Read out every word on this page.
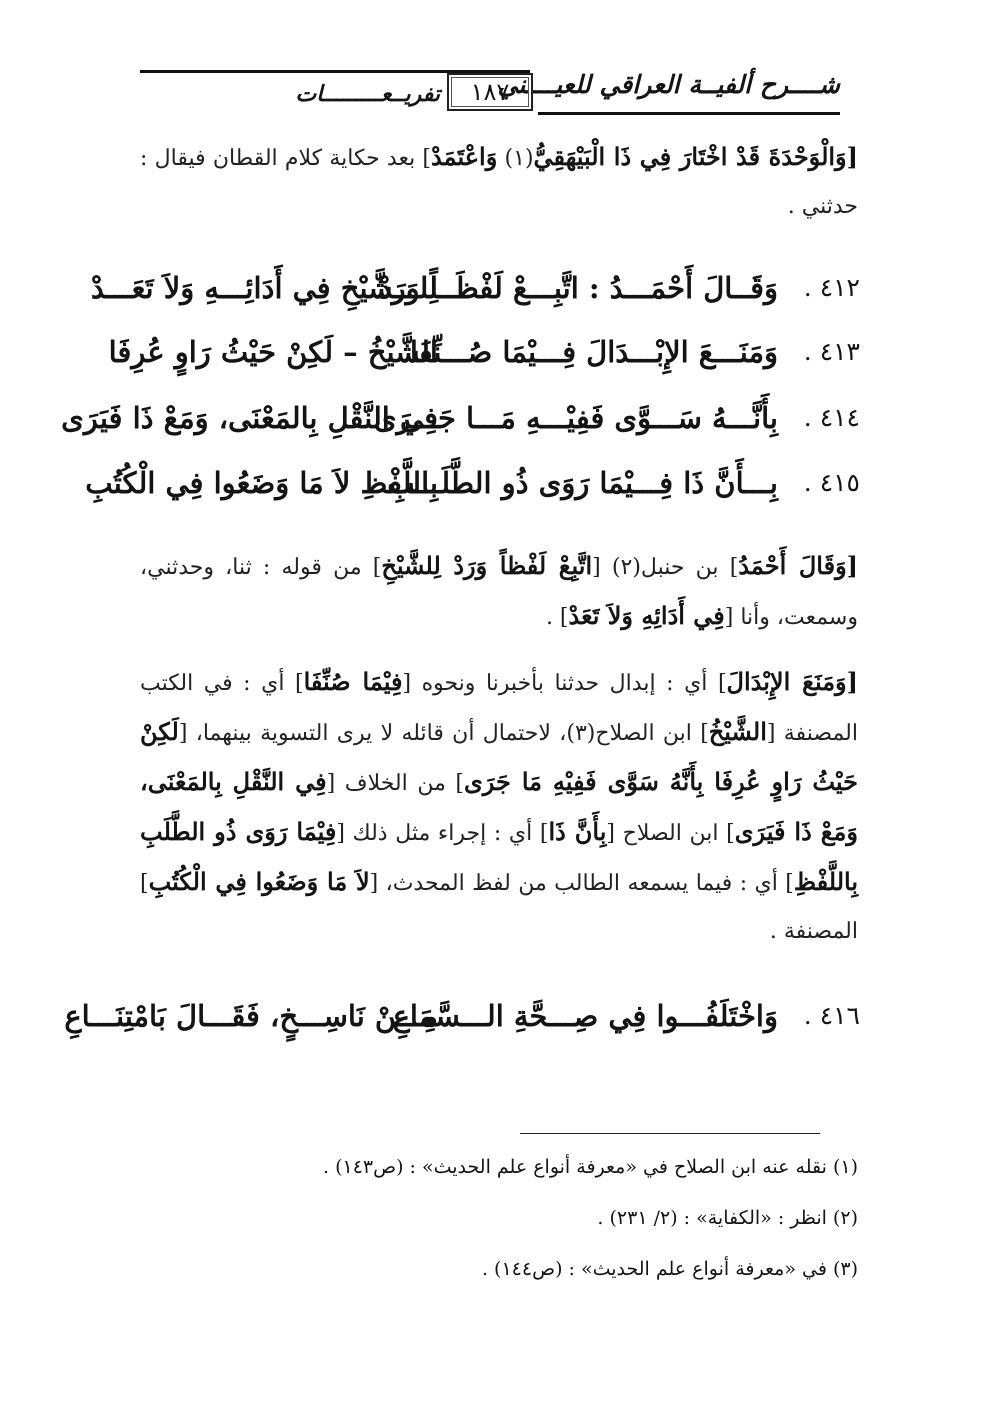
شــــرح ألفيــة العراقي للعيــــني
١٨٧
تفريــعـــــــــات

[وَالْوَحْدَةَ قَدْ اخْتَارَ فِي ذَا الْبَيْهَقِيُّ(١) وَاعْتَمَدْ] بعد حكاية كلام القطان فيقال : حدثني .

٤١٢ .
وَقَــالَ أَحْمَـــدُ : اتَّبِـــعْ لَفْظَــاً وَرَدْ
لِلـــشَّيْخِ فِي أَدَائِـــهِ وَلاَ تَعَـــدْ
٤١٣ .
وَمَنَـــعَ الإِبْـــدَالَ فِـــيْمَا صُـــنِّفَا
الشَّيْخُ – لَكِنْ حَيْثُ رَاوٍ عُرِفَا
٤١٤ .
بِأَنَّـــهُ سَـــوَّى فَفِيْـــهِ مَـــا جَـــرَى
فِي النَّقْلِ بِالمَعْنَى، وَمَعْ ذَا فَيَرَى
٤١٥ .
بِـــأَنَّ ذَا فِـــيْمَا رَوَى ذُو الطَّلَـــبِ
بِاللَّفْظِ لاَ مَا وَضَعُوا فِي الْكُتُبِ

[وَقَالَ أَحْمَدُ] بن حنبل(٢) [اتَّبِعْ لَفْظاً وَرَدْ لِلشَّيْخِ] من قوله : ثنا، وحدثني، وسمعت، وأنا [فِي أَدَائِهِ وَلاَ تَعَدْ] .

[وَمَنَعَ الإِبْدَالَ] أي : إبدال حدثنا بأخبرنا ونحوه [فِيْمَا صُنِّفَا] أي : في الكتب المصنفة [الشَّيْخُ] ابن الصلاح(٣)، لاحتمال أن قائله لا يرى التسوية بينهما، [لَكِنْ حَيْثُ رَاوٍ عُرِفَا بِأَنَّهُ سَوَّى فَفِيْهِ مَا جَرَى] من الخلاف [فِي النَّقْلِ بِالمَعْنَى، وَمَعْ ذَا فَيَرَى] ابن الصلاح [بِأَنَّ ذَا] أي : إجراء مثل ذلك [فِيْمَا رَوَى ذُو الطَّلَبِ بِاللَّفْظِ] أي : فيما يسمعه الطالب من لفظ المحدث، [لاَ مَا وَضَعُوا فِي الْكُتُبِ] المصنفة .

٤١٦ .
وَاخْتَلَفُـــوا فِي صِـــحَّةِ الـــسَّمَاعِ
مِـــنْ نَاسِـــخٍ، فَقَـــالَ بَامْتِنَـــاعِ
(١) نقله عنه ابن الصلاح في «معرفة أنواع علم الحديث» : (ص١٤٣) .
(٢) انظر : «الكفاية» : (٢/ ٢٣١) .
(٣) في «معرفة أنواع علم الحديث» : (ص١٤٤) .
